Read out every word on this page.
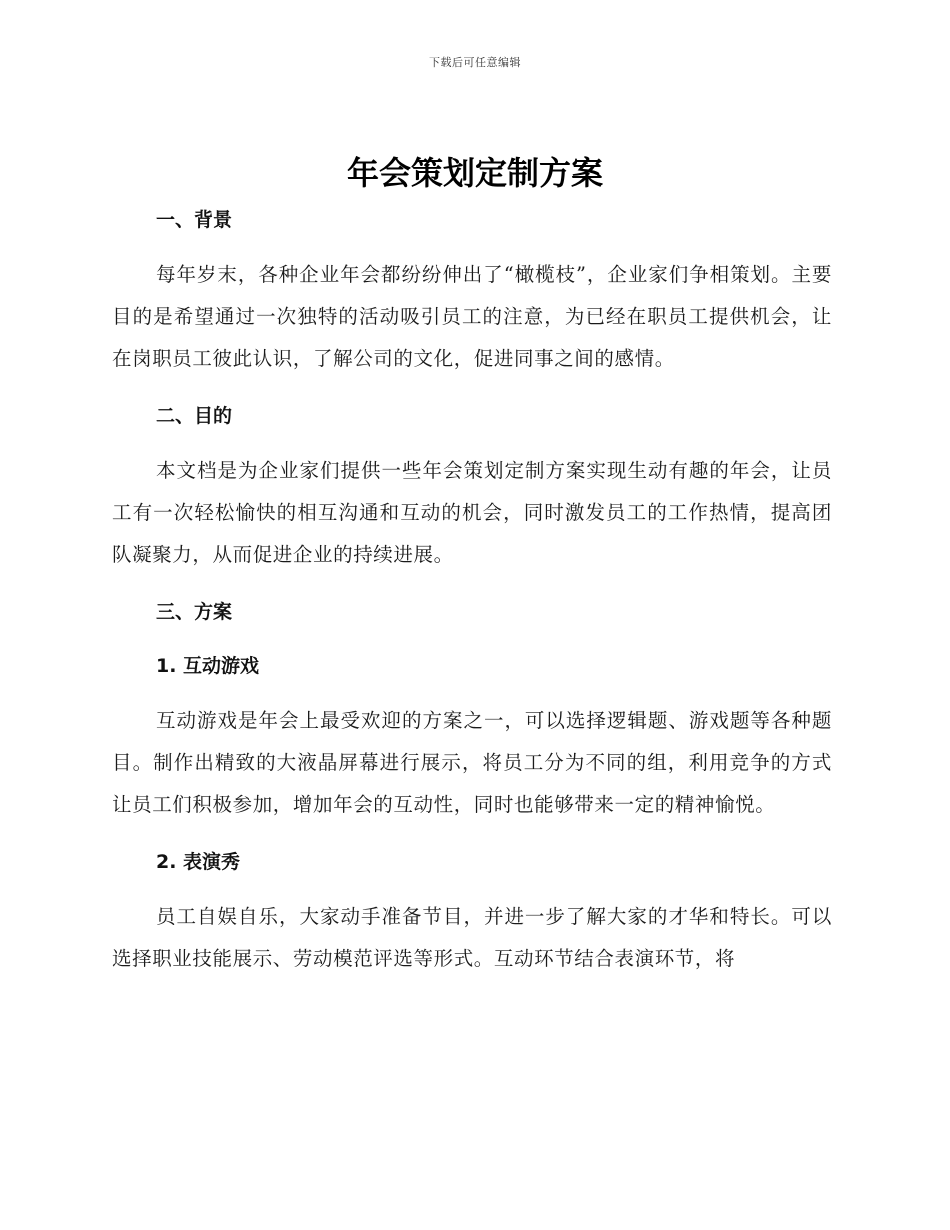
下载后可任意编辑
年会策划定制方案
一、背景

每年岁末，各种企业年会都纷纷伸出了“橄榄枝”，企业家们争相策划。主要目的是希望通过一次独特的活动吸引员工的注意，为已经在职员工提供机会，让在岗职员工彼此认识，了解公司的文化，促进同事之间的感情。

二、目的

本文档是为企业家们提供一些年会策划定制方案实现生动有趣的年会，让员工有一次轻松愉快的相互沟通和互动的机会，同时激发员工的工作热情，提高团队凝聚力，从而促进企业的持续进展。

三、方案
1. 互动游戏

互动游戏是年会上最受欢迎的方案之一，可以选择逻辑题、游戏题等各种题目。制作出精致的大液晶屏幕进行展示，将员工分为不同的组，利用竞争的方式让员工们积极参加，增加年会的互动性，同时也能够带来一定的精神愉悦。

2. 表演秀

员工自娱自乐，大家动手准备节目，并进一步了解大家的才华和特长。可以选择职业技能展示、劳动模范评选等形式。互动环节结合表演环节，将
